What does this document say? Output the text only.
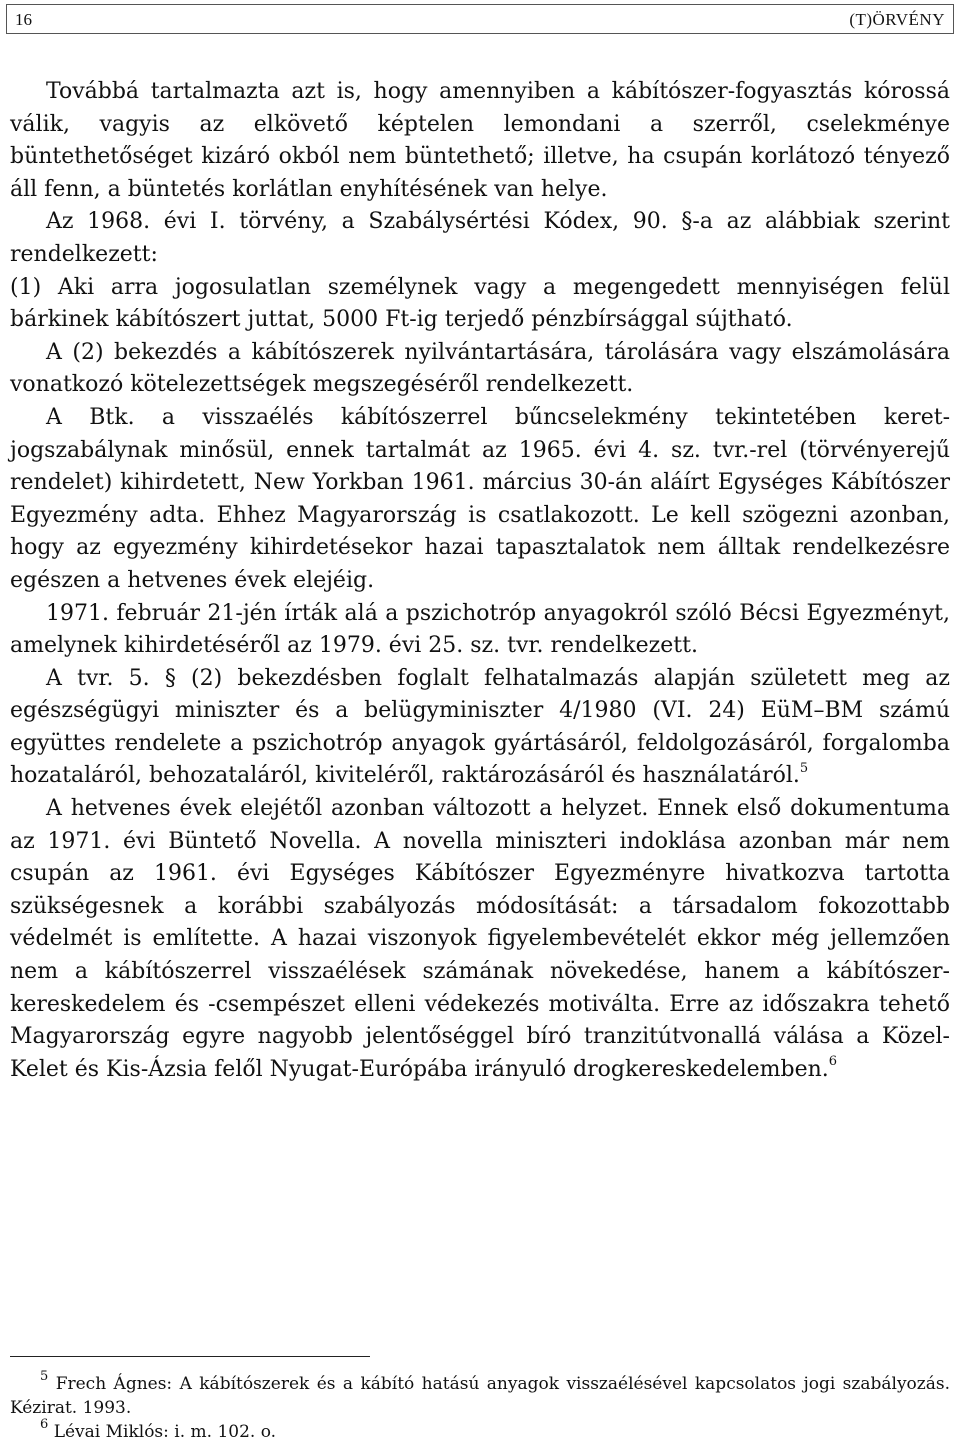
16	(T)ÖRVÉNY

Továbbá tartalmazta azt is, hogy amennyiben a kábítószer-fogyasztás kórossá válik, vagyis az elkövető képtelen lemondani a szerről, cselekménye büntethetőséget kizáró okból nem büntethető; illetve, ha csupán korlátozó tényező áll fenn, a büntetés korlátlan enyhítésének van helye.

Az 1968. évi I. törvény, a Szabálysértési Kódex, 90. §-a az alábbiak szerint rendelkezett:

(1) Aki arra jogosulatlan személynek vagy a megengedett mennyiségen felül bárkinek kábítószert juttat, 5000 Ft-ig terjedő pénzbírsággal sújtható.

A (2) bekezdés a kábítószerek nyilvántartására, tárolására vagy elszámolására vonatkozó kötelezettségek megszegéséről rendelkezett.

A Btk. a visszaélés kábítószerrel bűncselekmény tekintetében keretjogszabálynak minősül, ennek tartalmát az 1965. évi 4. sz. tvr.-rel (törvényerejű rendelet) kihirdetett, New Yorkban 1961. március 30-án aláírt Egységes Kábítószer Egyezmény adta. Ehhez Magyarország is csatlakozott. Le kell szögezni azonban, hogy az egyezmény kihirdetésekor hazai tapasztalatok nem álltak rendelkezésre egészen a hetvenes évek elejéig.

1971. február 21-jén írták alá a pszichotróp anyagokról szóló Bécsi Egyezményt, amelynek kihirdetéséről az 1979. évi 25. sz. tvr. rendelkezett.

A tvr. 5. § (2) bekezdésben foglalt felhatalmazás alapján született meg az egészségügyi miniszter és a belügyminiszter 4/1980 (VI. 24) EüM–BM számú együttes rendelete a pszichotróp anyagok gyártásáról, feldolgozásáról, forgalomba hozataláról, behozataláról, kiviteléről, raktározásáról és használatáról.$^5$

A hetvenes évek elejétől azonban változott a helyzet. Ennek első dokumentuma az 1971. évi Büntető Novella. A novella miniszteri indoklása azonban már nem csupán az 1961. évi Egységes Kábítószer Egyezményre hivatkozva tartotta szükségesnek a korábbi szabályozás módosítását: a társadalom fokozottabb védelmét is említette. A hazai viszonyok figyelembevételét ekkor még jellemzően nem a kábítószerrel visszaélések számának növekedése, hanem a kábítószer-kereskedelem és -csempészet elleni védekezés motiválta. Erre az időszakra tehető Magyarország egyre nagyobb jelentőséggel bíró tranzitútvonallá válása a Közel-Kelet és Kis-Ázsia felől Nyugat-Európába irányuló drogkereskedelemben.$^6$

$^5$ Frech Ágnes: A kábítószerek és a kábító hatású anyagok visszaélésével kapcsolatos jogi szabályozás. Kézirat. 1993.

$^6$ Lévai Miklós: i. m. 102. o.
